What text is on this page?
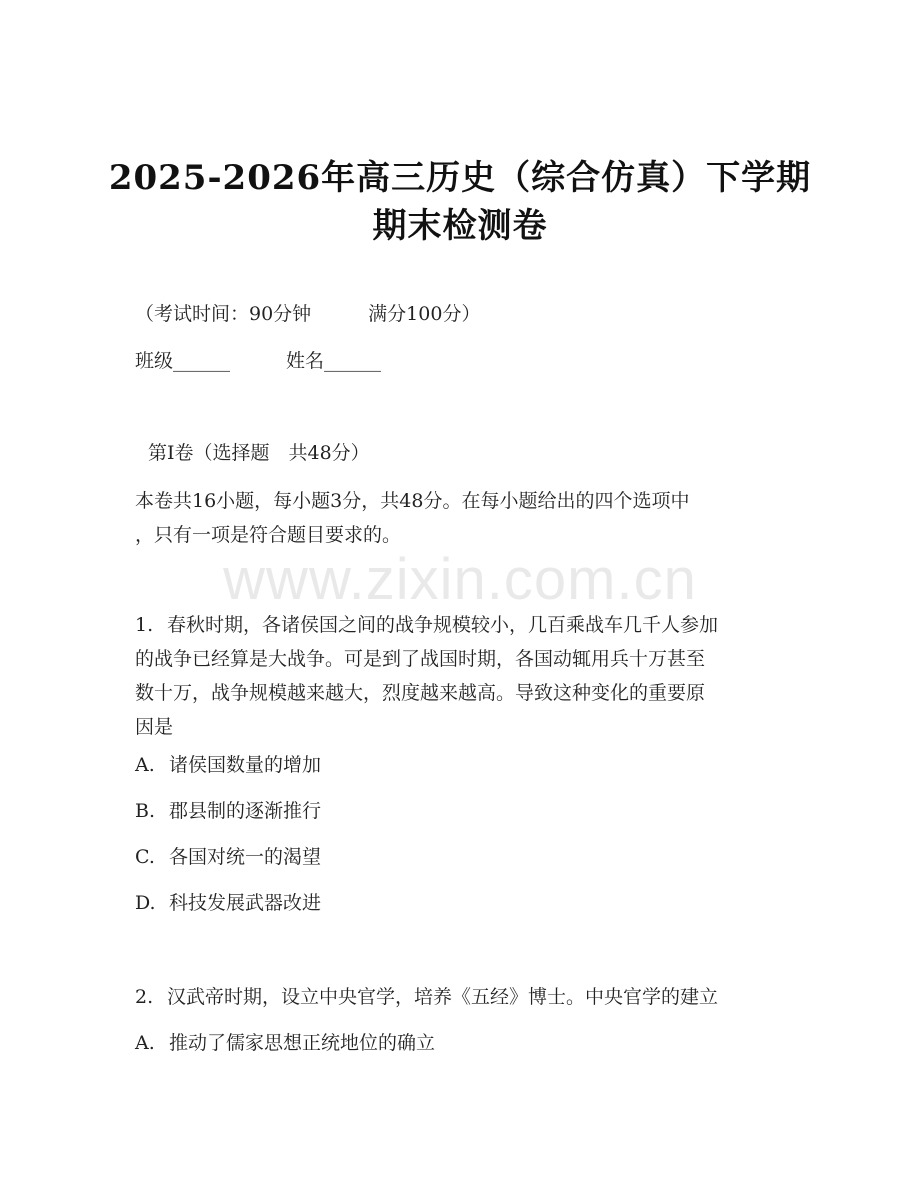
2025-2026年高三历史（综合仿真）下学期
期末检测卷
（考试时间：90分钟　　　满分100分）
班级______	姓名______
第Ⅰ卷（选择题　共48分）
本卷共16小题，每小题3分，共48分。在每小题给出的四个选项中
，只有一项是符合题目要求的。
www.zixin.com.cn
1. 春秋时期，各诸侯国之间的战争规模较小，几百乘战车几千人参加
的战争已经算是大战争。可是到了战国时期，各国动辄用兵十万甚至
数十万，战争规模越来越大，烈度越来越高。导致这种变化的重要原
因是
A. 诸侯国数量的增加
B. 郡县制的逐渐推行
C. 各国对统一的渴望
D. 科技发展武器改进
2. 汉武帝时期，设立中央官学，培养《五经》博士。中央官学的建立
A. 推动了儒家思想正统地位的确立
